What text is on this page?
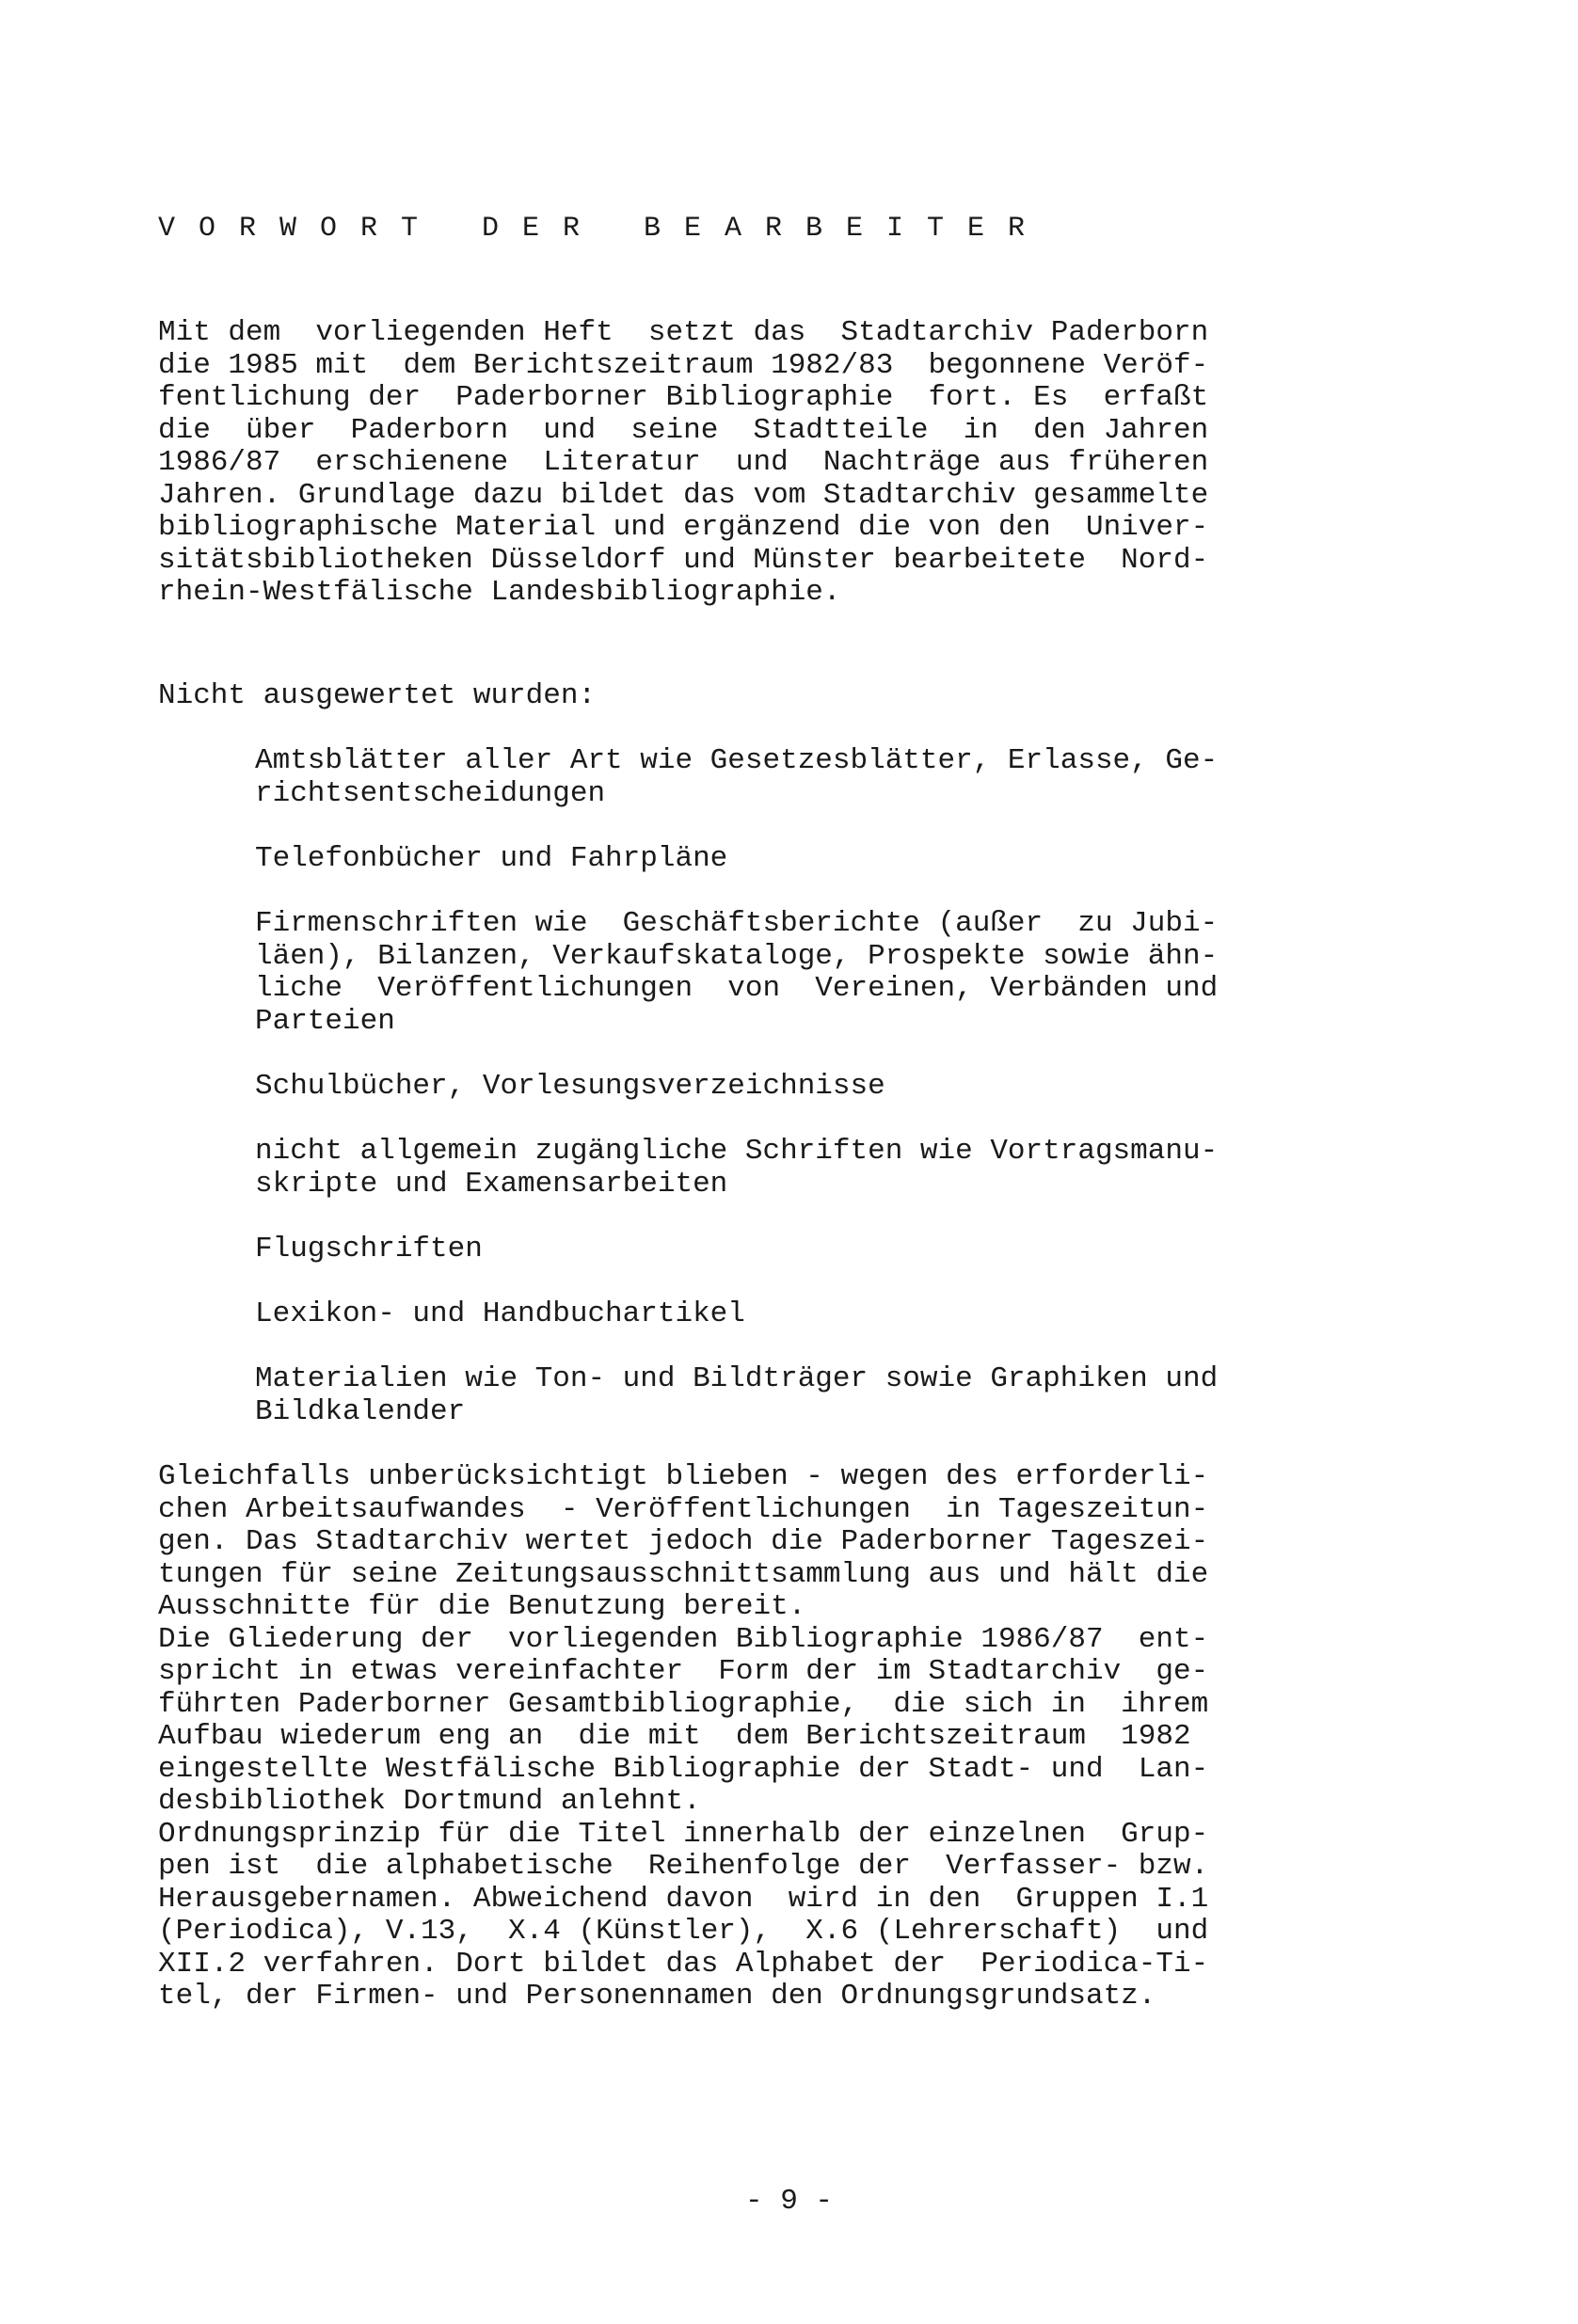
VORWORT DER BEARBEITER
Mit dem  vorliegenden Heft  setzt das  Stadtarchiv Paderborn
die 1985 mit  dem Berichtszeitraum 1982/83  begonnene Veröf-
fentlichung der  Paderborner Bibliographie  fort. Es  erfaßt
die  über  Paderborn  und  seine  Stadtteile  in  den Jahren
1986/87  erschienene  Literatur  und  Nachträge aus früheren
Jahren. Grundlage dazu bildet das vom Stadtarchiv gesammelte
bibliographische Material und ergänzend die von den  Univer-
sitätsbibliotheken Düsseldorf und Münster bearbeitete  Nord-
rhein-Westfälische Landesbibliographie.
Nicht ausgewertet wurden:
Amtsblätter aller Art wie Gesetzesblätter, Erlasse, Ge-
richtsentscheidungen
Telefonbücher und Fahrpläne
Firmenschriften wie  Geschäftsberichte (außer  zu Jubi-
läen), Bilanzen, Verkaufskataloge, Prospekte sowie ähn-
liche  Veröffentlichungen  von  Vereinen, Verbänden und
Parteien
Schulbücher, Vorlesungsverzeichnisse
nicht allgemein zugängliche Schriften wie Vortragsmanu-
skripte und Examensarbeiten
Flugschriften
Lexikon- und Handbuchartikel
Materialien wie Ton- und Bildträger sowie Graphiken und
Bildkalender
Gleichfalls unberücksichtigt blieben - wegen des erforderli-
chen Arbeitsaufwandes  - Veröffentlichungen  in Tageszeitun-
gen. Das Stadtarchiv wertet jedoch die Paderborner Tageszei-
tungen für seine Zeitungsausschnittsammlung aus und hält die
Ausschnitte für die Benutzung bereit.
Die Gliederung der  vorliegenden Bibliographie 1986/87  ent-
spricht in etwas vereinfachter  Form der im Stadtarchiv  ge-
führten Paderborner Gesamtbibliographie,  die sich in  ihrem
Aufbau wiederum eng an  die mit  dem Berichtszeitraum  1982
eingestellte Westfälische Bibliographie der Stadt- und  Lan-
desbibliothek Dortmund anlehnt.
Ordnungsprinzip für die Titel innerhalb der einzelnen  Grup-
pen ist  die alphabetische  Reihenfolge der  Verfasser- bzw.
Herausgebernamen. Abweichend davon  wird in den  Gruppen I.1
(Periodica), V.13,  X.4 (Künstler),  X.6 (Lehrerschaft)  und
XII.2 verfahren. Dort bildet das Alphabet der  Periodica-Ti-
tel, der Firmen- und Personennamen den Ordnungsgrundsatz.
- 9 -
